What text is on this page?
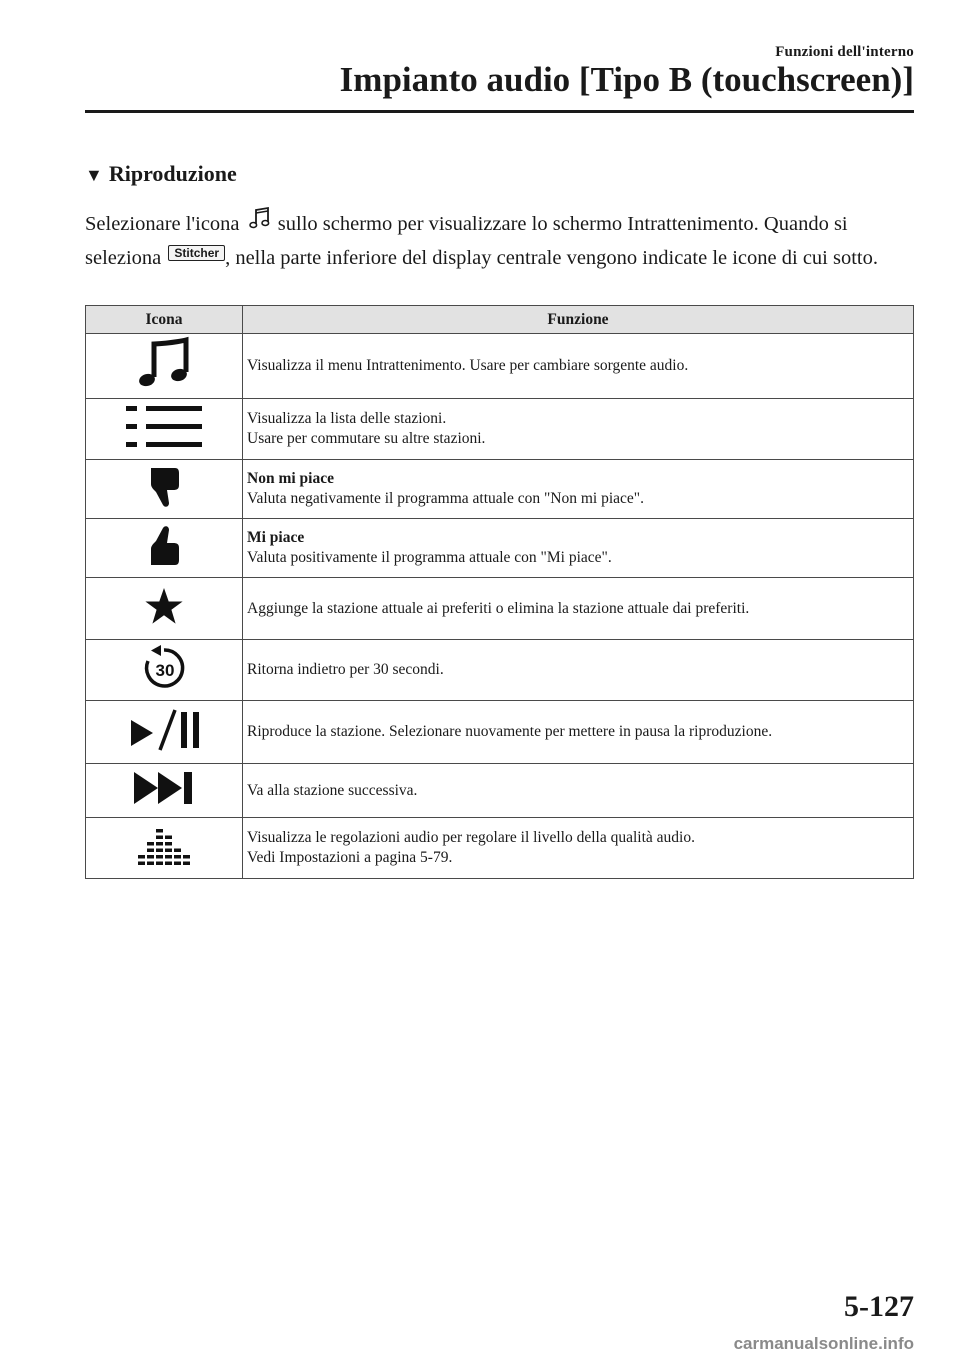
Funzioni dell'interno
Impianto audio [Tipo B (touchscreen)]
▼ Riproduzione
Selezionare l'icona sullo schermo per visualizzare lo schermo Intrattenimento. Quando si seleziona Stitcher , nella parte inferiore del display centrale vengono indicate le icone di cui sotto.
Icona	Funzione

Visualizza il menu Intrattenimento. Usare per cambiare sorgente audio.

Visualizza la lista delle stazioni.
Usare per commutare su altre stazioni.

Non mi piace
Valuta negativamente il programma attuale con "Non mi piace".

Mi piace
Valuta positivamente il programma attuale con "Mi piace".

Aggiunge la stazione attuale ai preferiti o elimina la stazione attuale dai preferiti.

30	Ritorna indietro per 30 secondi.

Riproduce la stazione. Selezionare nuovamente per mettere in pausa la riproduzione.

Va alla stazione successiva.

Visualizza le regolazioni audio per regolare il livello della qualità audio.
Vedi Impostazioni a pagina 5-79.
5-127
carmanualsonline.info
